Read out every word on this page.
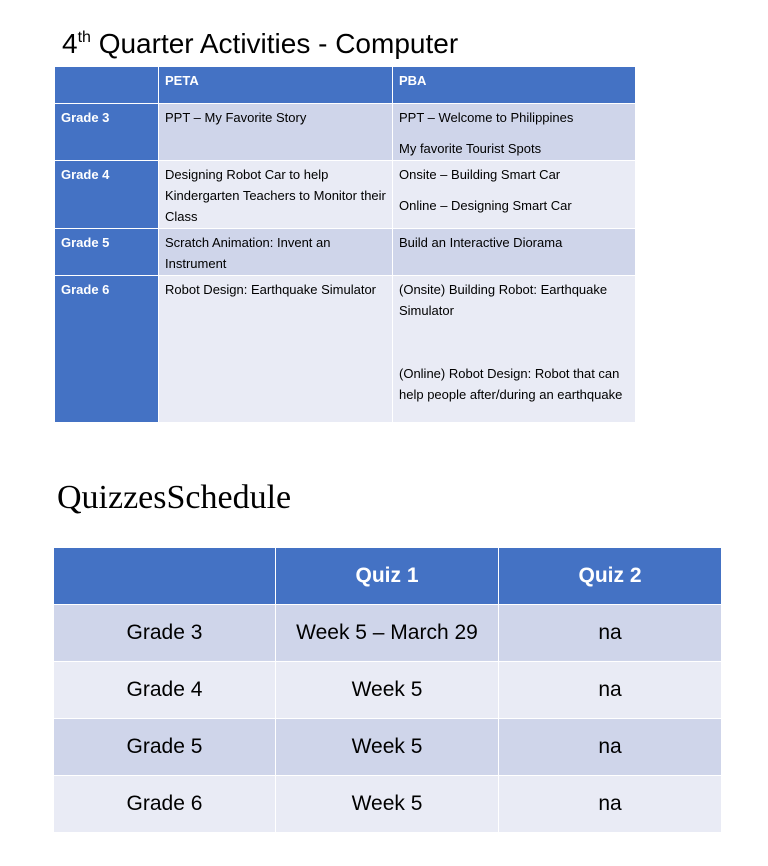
4th Quarter Activities - Computer
	PETA	PBA
Grade 3	PPT – My Favorite Story	PPT – Welcome to Philippines
My favorite Tourist Spots

Grade 4	Designing Robot Car to help Kindergarten Teachers to Monitor their Class	Onsite – Building Smart Car
Online – Designing Smart Car

Grade 5	Scratch Animation: Invent an Instrument	Build an Interactive Diorama

Grade 6	Robot Design: Earthquake Simulator	(Onsite) Building Robot: Earthquake Simulator
(Online) Robot Design: Robot that can help people after/during an earthquake
QuizzesSchedule
	Quiz 1	Quiz 2
Grade 3	Week 5 – March 29	na
Grade 4	Week 5	na
Grade 5	Week 5	na
Grade 6	Week 5	na
